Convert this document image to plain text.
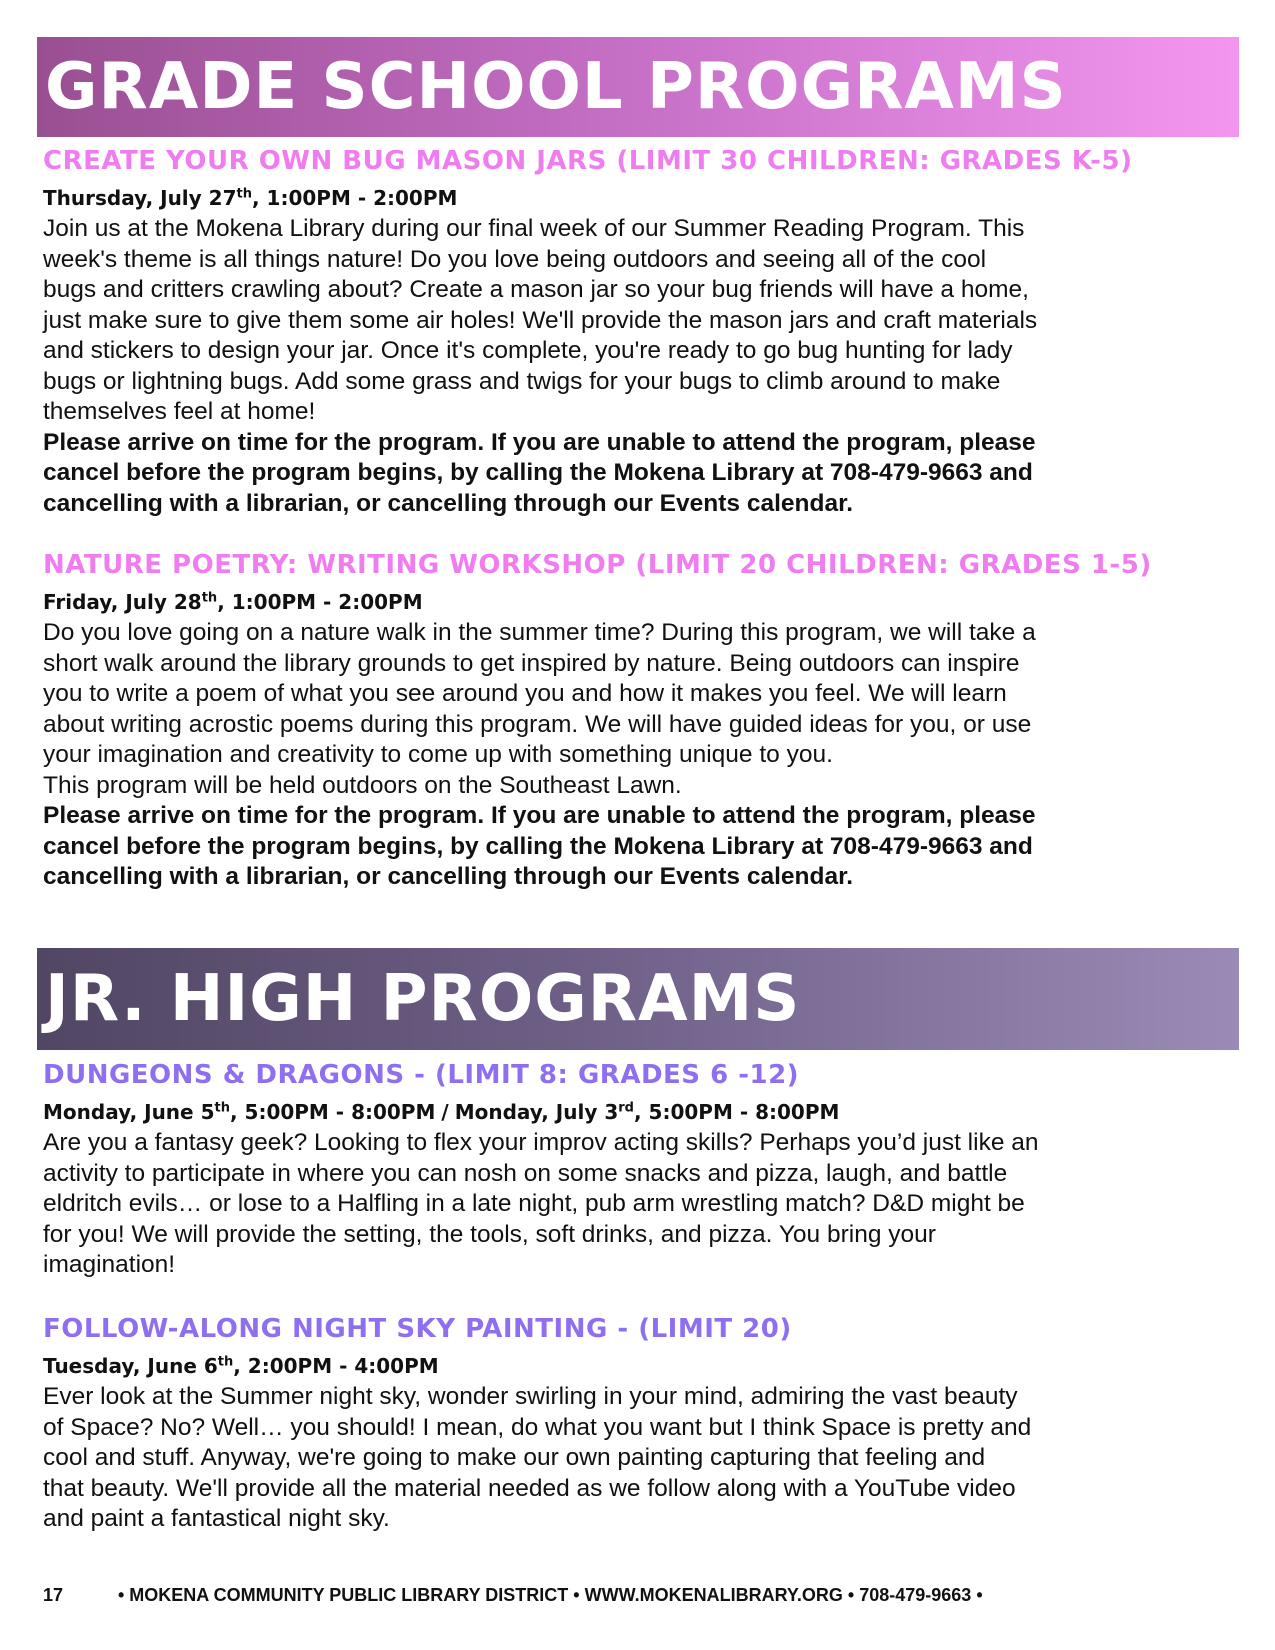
GRADE SCHOOL PROGRAMS
CREATE YOUR OWN BUG MASON JARS (LIMIT 30 CHILDREN: GRADES K-5)
Thursday, July 27th, 1:00PM - 2:00PM
Join us at the Mokena Library during our final week of our Summer Reading Program. This
week's theme is all things nature! Do you love being outdoors and seeing all of the cool
bugs and critters crawling about? Create a mason jar so your bug friends will have a home,
just make sure to give them some air holes! We'll provide the mason jars and craft materials
and stickers to design your jar. Once it's complete, you're ready to go bug hunting for lady
bugs or lightning bugs. Add some grass and twigs for your bugs to climb around to make
themselves feel at home!
Please arrive on time for the program. If you are unable to attend the program, please
cancel before the program begins, by calling the Mokena Library at 708-479-9663 and
cancelling with a librarian, or cancelling through our Events calendar.
NATURE POETRY: WRITING WORKSHOP (LIMIT 20 CHILDREN: GRADES 1-5)
Friday, July 28th, 1:00PM - 2:00PM
Do you love going on a nature walk in the summer time? During this program, we will take a
short walk around the library grounds to get inspired by nature. Being outdoors can inspire
you to write a poem of what you see around you and how it makes you feel. We will learn
about writing acrostic poems during this program. We will have guided ideas for you, or use
your imagination and creativity to come up with something unique to you.
This program will be held outdoors on the Southeast Lawn.
Please arrive on time for the program. If you are unable to attend the program, please
cancel before the program begins, by calling the Mokena Library at 708-479-9663 and
cancelling with a librarian, or cancelling through our Events calendar.
JR. HIGH PROGRAMS
DUNGEONS & DRAGONS - (LIMIT 8: GRADES 6 -12)
Monday, June 5th, 5:00PM - 8:00PM / Monday, July 3rd, 5:00PM - 8:00PM
Are you a fantasy geek? Looking to flex your improv acting skills? Perhaps you’d just like an
activity to participate in where you can nosh on some snacks and pizza, laugh, and battle
eldritch evils… or lose to a Halfling in a late night, pub arm wrestling match? D&D might be
for you! We will provide the setting, the tools, soft drinks, and pizza. You bring your
imagination!
FOLLOW-ALONG NIGHT SKY PAINTING - (LIMIT 20)
Tuesday, June 6th, 2:00PM - 4:00PM
Ever look at the Summer night sky, wonder swirling in your mind, admiring the vast beauty
of Space? No? Well… you should! I mean, do what you want but I think Space is pretty and
cool and stuff. Anyway, we're going to make our own painting capturing that feeling and
that beauty. We'll provide all the material needed as we follow along with a YouTube video
and paint a fantastical night sky.
17	• MOKENA COMMUNITY PUBLIC LIBRARY DISTRICT • WWW.MOKENALIBRARY.ORG • 708-479-9663 •
